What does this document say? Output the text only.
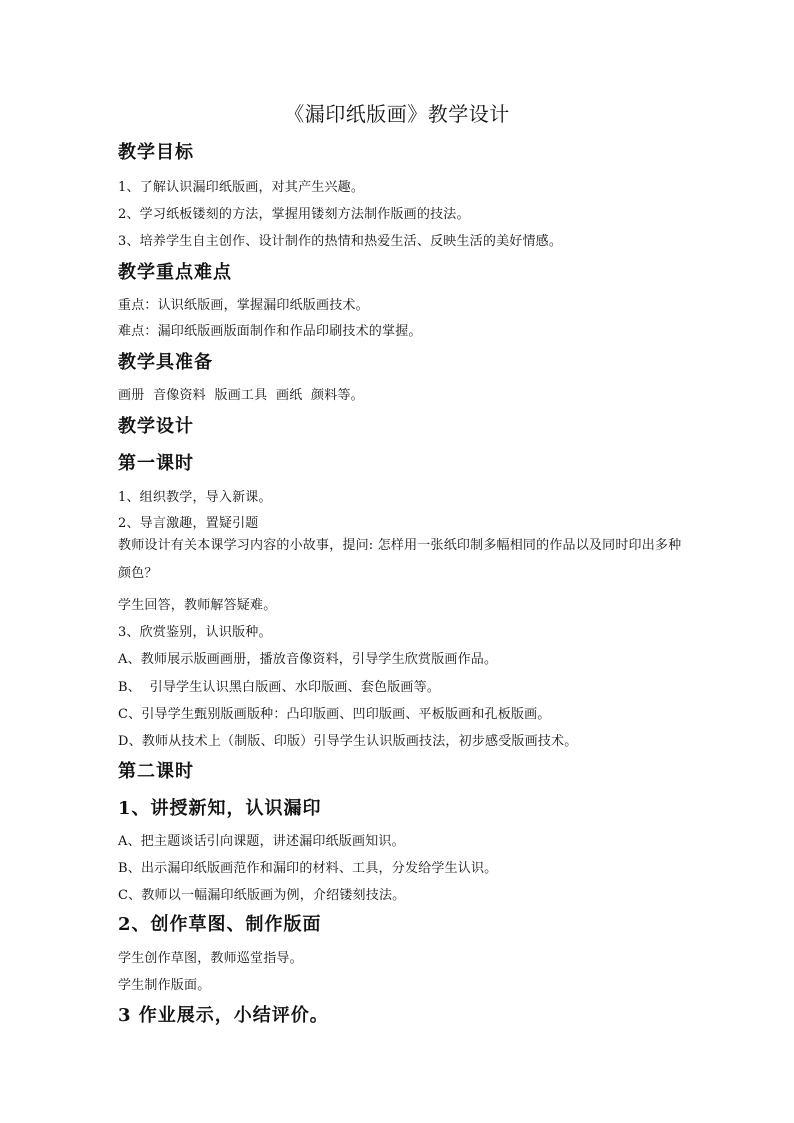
《漏印纸版画》教学设计
教学目标
1、了解认识漏印纸版画，对其产生兴趣。
2、学习纸板镂刻的方法，掌握用镂刻方法制作版画的技法。
3、培养学生自主创作、设计制作的热情和热爱生活、反映生活的美好情感。
教学重点难点
重点：认识纸版画，掌握漏印纸版画技术。
难点：漏印纸版画版面制作和作品印刷技术的掌握。
教学具准备
画册  音像资料  版画工具  画纸  颜料等。
教学设计
第一课时
1、组织教学，导入新课。
2、导言激趣，置疑引题
教师设计有关本课学习内容的小故事，提问: 怎样用一张纸印制多幅相同的作品以及同时印出多种颜色？
学生回答，教师解答疑难。
3、欣赏鉴别，认识版种。
A、教师展示版画画册，播放音像资料，引导学生欣赏版画作品。
B、  引导学生认识黑白版画、水印版画、套色版画等。
C、引导学生甄别版画版种：凸印版画、凹印版画、平板版画和孔板版画。
D、教师从技术上（制版、印版）引导学生认识版画技法，初步感受版画技术。
第二课时
1、讲授新知，认识漏印
A、把主题谈话引向课题，讲述漏印纸版画知识。
B、出示漏印纸版画范作和漏印的材料、工具，分发给学生认识。
C、教师以一幅漏印纸版画为例，介绍镂刻技法。
2、创作草图、制作版面
学生创作草图，教师巡堂指导。
学生制作版面。
3 作业展示，小结评价。
